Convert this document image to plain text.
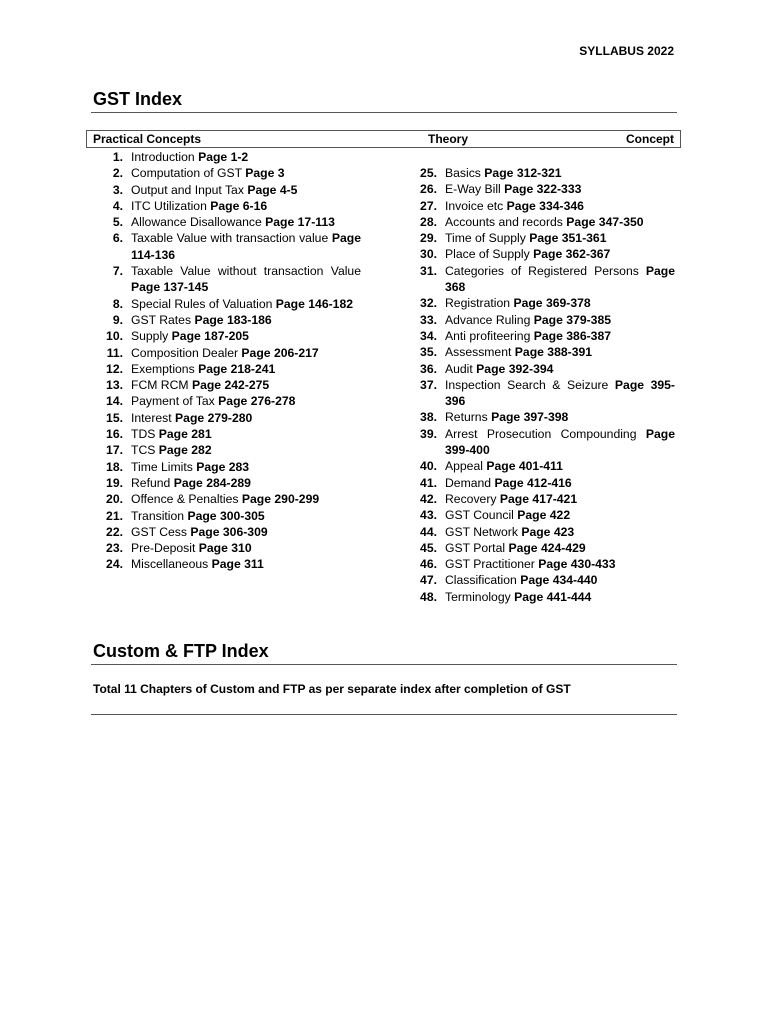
SYLLABUS 2022
GST Index
Practical Concepts	Theory	Concept
1. Introduction Page 1-2
2. Computation of GST Page 3
3. Output and Input Tax Page 4-5
4. ITC Utilization Page 6-16
5. Allowance Disallowance Page 17-113
6. Taxable Value with transaction value Page 114-136
7. Taxable Value without transaction Value Page 137-145
8. Special Rules of Valuation Page 146-182
9. GST Rates Page 183-186
10. Supply Page 187-205
11. Composition Dealer Page 206-217
12. Exemptions Page 218-241
13. FCM RCM Page 242-275
14. Payment of Tax Page 276-278
15. Interest Page 279-280
16. TDS Page 281
17. TCS Page 282
18. Time Limits Page 283
19. Refund Page 284-289
20. Offence & Penalties Page 290-299
21. Transition Page 300-305
22. GST Cess Page 306-309
23. Pre-Deposit Page 310
24. Miscellaneous Page 311
25. Basics Page 312-321
26. E-Way Bill Page 322-333
27. Invoice etc Page 334-346
28. Accounts and records Page 347-350
29. Time of Supply Page 351-361
30. Place of Supply Page 362-367
31. Categories of Registered Persons Page 368
32. Registration Page 369-378
33. Advance Ruling Page 379-385
34. Anti profiteering Page 386-387
35. Assessment Page 388-391
36. Audit Page 392-394
37. Inspection Search & Seizure Page 395-396
38. Returns Page 397-398
39. Arrest Prosecution Compounding Page 399-400
40. Appeal Page 401-411
41. Demand Page 412-416
42. Recovery Page 417-421
43. GST Council Page 422
44. GST Network Page 423
45. GST Portal Page 424-429
46. GST Practitioner Page 430-433
47. Classification Page 434-440
48. Terminology Page 441-444
Custom & FTP Index
Total 11 Chapters of Custom and FTP as per separate index after completion of GST
